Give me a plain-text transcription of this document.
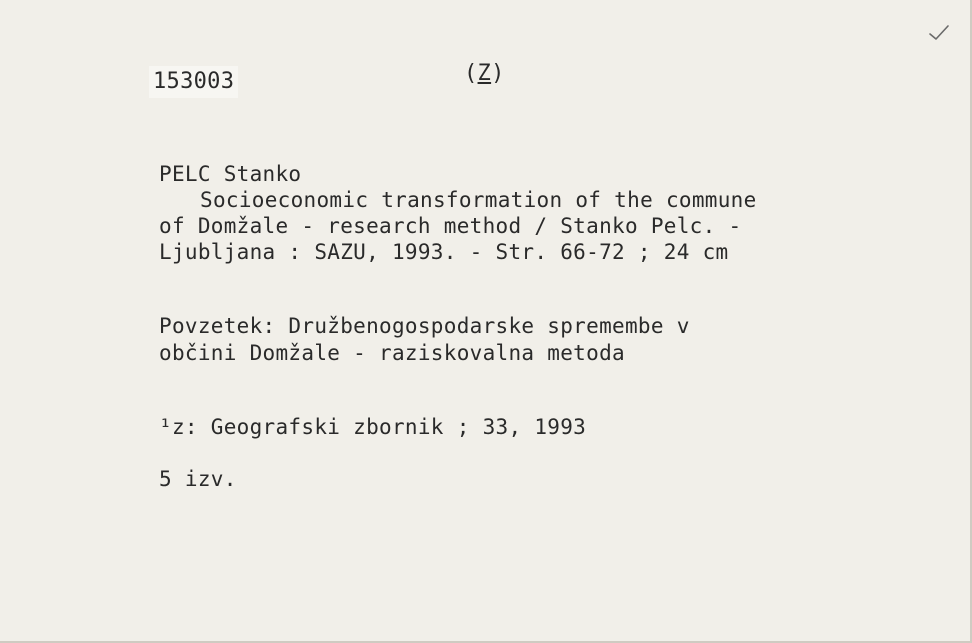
153003	(Z)
PELC Stanko
Socioeconomic transformation of the commune
of Domžale - research method / Stanko Pelc. -
Ljubljana : SAZU, 1993. - Str. 66-72 ; 24 cm
Povzetek: Družbenogospodarske spremembe v
občini Domžale - raziskovalna metoda
¹z: Geografski zbornik ; 33, 1993
5 izv.
